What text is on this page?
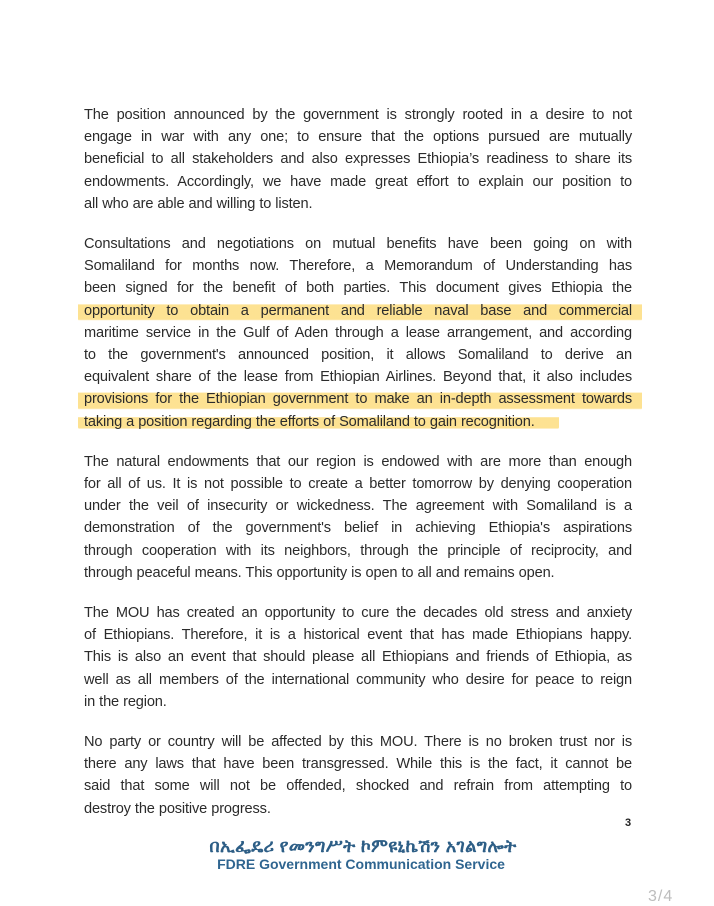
The position announced by the government is strongly rooted in a desire to not
engage in war with any one; to ensure that the options pursued are mutually
beneficial to all stakeholders and also expresses Ethiopia’s readiness to share its
endowments. Accordingly, we have made great effort to explain our position to
all who are able and willing to listen.

Consultations and negotiations on mutual benefits have been going on with
Somaliland for months now. Therefore, a Memorandum of Understanding has
been signed for the benefit of both parties. This document gives Ethiopia the
opportunity to obtain a permanent and reliable naval base and commercial
maritime service in the Gulf of Aden through a lease arrangement, and according
to the government's announced position, it allows Somaliland to derive an
equivalent share of the lease from Ethiopian Airlines. Beyond that, it also includes
provisions for the Ethiopian government to make an in-depth assessment towards
taking a position regarding the efforts of Somaliland to gain recognition.

The natural endowments that our region is endowed with are more than enough
for all of us. It is not possible to create a better tomorrow by denying cooperation
under the veil of insecurity or wickedness. The agreement with Somaliland is a
demonstration of the government's belief in achieving Ethiopia's aspirations
through cooperation with its neighbors, through the principle of reciprocity, and
through peaceful means. This opportunity is open to all and remains open.

The MOU has created an opportunity to cure the decades old stress and anxiety
of Ethiopians. Therefore, it is a historical event that has made Ethiopians happy.
This is also an event that should please all Ethiopians and friends of Ethiopia, as
well as all members of the international community who desire for peace to reign
in the region.

No party or country will be affected by this MOU. There is no broken trust nor is
there any laws that have been transgressed. While this is the fact, it cannot be
said that some will not be offended, shocked and refrain from attempting to
destroy the positive progress.

3
በኢፌዴሪ የመንግሥት ኮምዩኒኬሽን አገልግሎት
FDRE Government Communication Service
3/4
